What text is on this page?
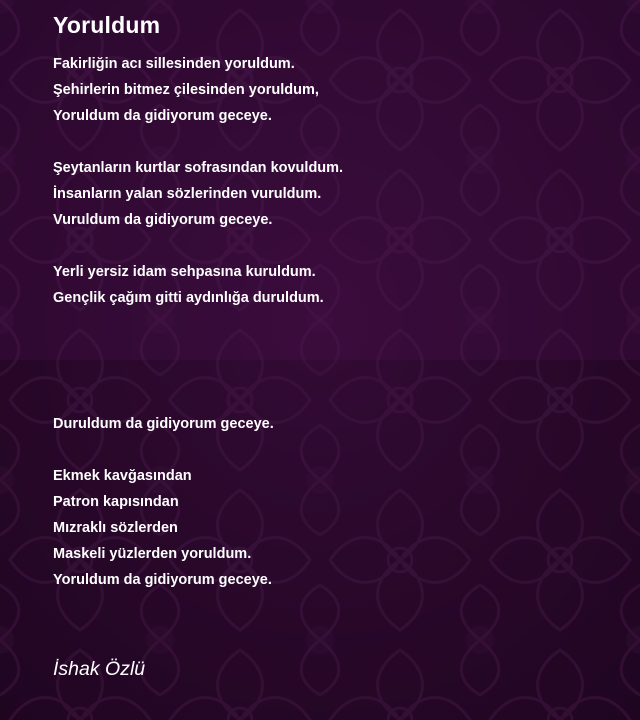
Yoruldum
Fakirliğin acı sillesinden yoruldum.
Şehirlerin bitmez çilesinden yoruldum,
Yoruldum da gidiyorum geceye.
Şeytanların kurtlar sofrasından kovuldum.
İnsanların yalan sözlerinden vuruldum.
Vuruldum da gidiyorum geceye.
Yerli yersiz idam sehpasına kuruldum.
Gençlik çağım gitti aydınlığa duruldum.
Duruldum da gidiyorum geceye.
Ekmek kavğasından
Patron kapısından
Mızraklı sözlerden
Maskeli yüzlerden yoruldum.
Yoruldum da gidiyorum geceye.
İshak Özlü
